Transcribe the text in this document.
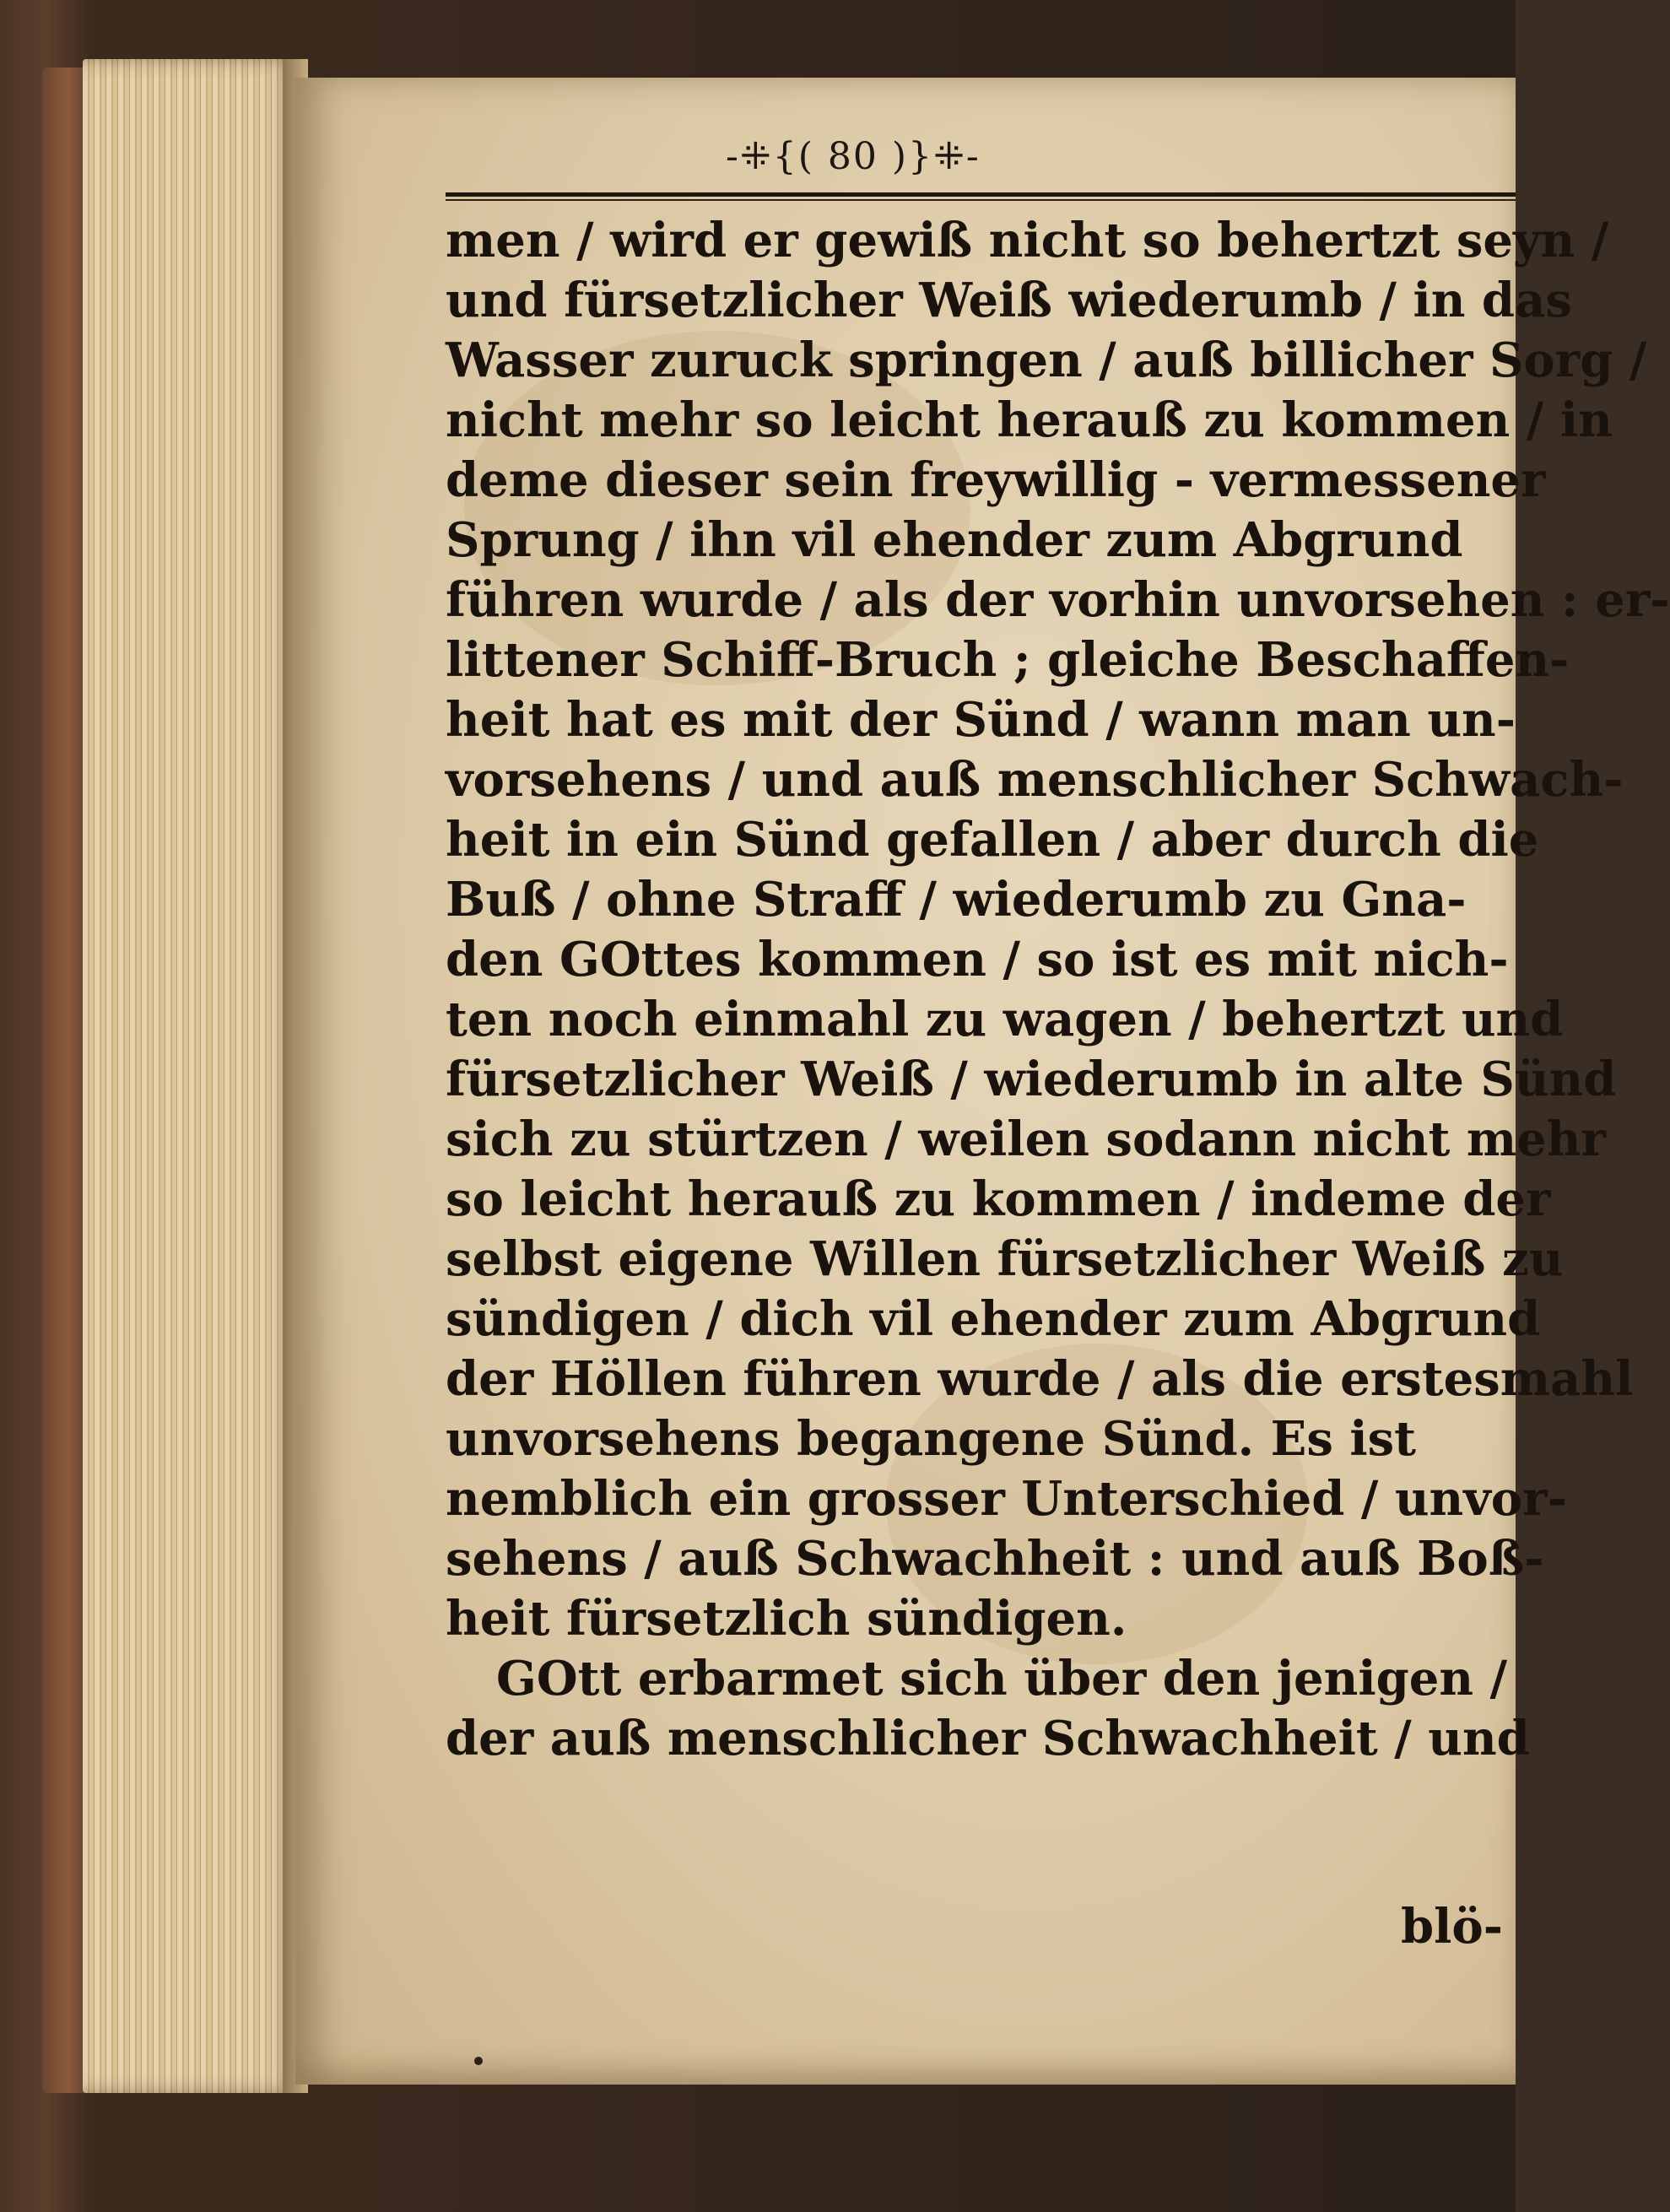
-⁜{( 80 )}⁜-
men / wird er gewiß nicht so behertzt seyn /
und fürsetzlicher Weiß wiederumb / in das
Wasser zuruck springen / auß billicher Sorg /
nicht mehr so leicht herauß zu kommen / in
deme dieser sein freywillig - vermessener
Sprung / ihn vil ehender zum Abgrund
führen wurde / als der vorhin unvorsehen : er-
littener Schiff-Bruch ; gleiche Beschaffen-
heit hat es mit der Sünd / wann man un-
vorsehens / und auß menschlicher Schwach-
heit in ein Sünd gefallen / aber durch die
Buß / ohne Straff / wiederumb zu Gna-
den GOttes kommen / so ist es mit nich-
ten noch einmahl zu wagen / behertzt und
fürsetzlicher Weiß / wiederumb in alte Sünd
sich zu stürtzen / weilen sodann nicht mehr
so leicht herauß zu kommen / indeme der
selbst eigene Willen fürsetzlicher Weiß zu
sündigen / dich vil ehender zum Abgrund
der Höllen führen wurde / als die erstesmahl
unvorsehens begangene Sünd. Es ist
nemblich ein grosser Unterschied / unvor-
sehens / auß Schwachheit : und auß Boß-
heit fürsetzlich sündigen.
GOtt erbarmet sich über den jenigen /
der auß menschlicher Schwachheit / und
blö-
